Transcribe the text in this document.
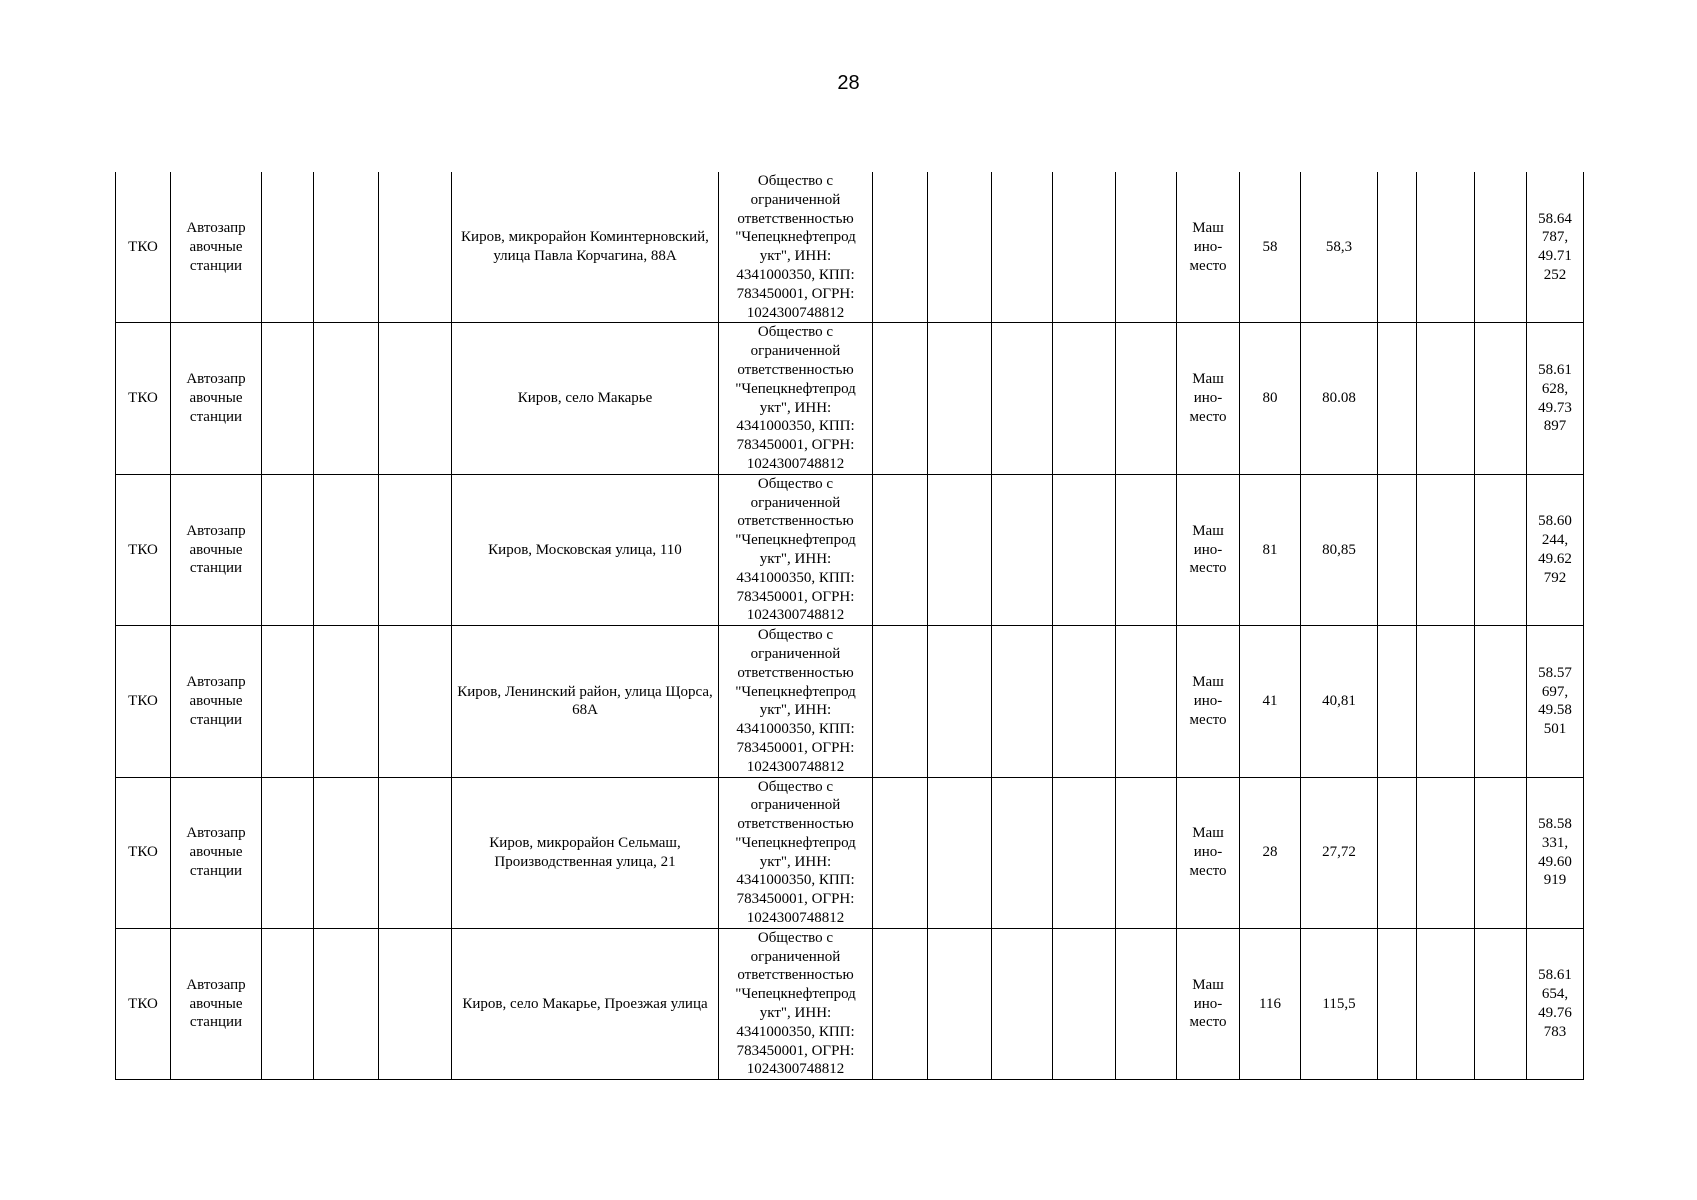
28
ТКО	Автозапр авочные станции				Киров, микрорайон Коминтерновский, улица Павла Корчагина, 88А	Общество с ограниченной ответственностью "Чепецкнефтепрод укт", ИНН: 4341000350, КПП: 783450001, ОГРН: 1024300748812						Маш ино-место	58	58,3				58.64 787, 49.71 252
ТКО	Автозапр авочные станции				Киров, село Макарье	Общество с ограниченной ответственностью "Чепецкнефтепрод укт", ИНН: 4341000350, КПП: 783450001, ОГРН: 1024300748812						Маш ино-место	80	80.08				58.61 628, 49.73 897
ТКО	Автозапр авочные станции				Киров, Московская улица, 110	Общество с ограниченной ответственностью "Чепецкнефтепрод укт", ИНН: 4341000350, КПП: 783450001, ОГРН: 1024300748812						Маш ино-место	81	80,85				58.60 244, 49.62 792
ТКО	Автозапр авочные станции				Киров, Ленинский район, улица Щорса, 68А	Общество с ограниченной ответственностью "Чепецкнефтепрод укт", ИНН: 4341000350, КПП: 783450001, ОГРН: 1024300748812						Маш ино-место	41	40,81				58.57 697, 49.58 501
ТКО	Автозапр авочные станции				Киров, микрорайон Сельмаш, Производственная улица, 21	Общество с ограниченной ответственностью "Чепецкнефтепрод укт", ИНН: 4341000350, КПП: 783450001, ОГРН: 1024300748812						Маш ино-место	28	27,72				58.58 331, 49.60 919
ТКО	Автозапр авочные станции				Киров, село Макарье, Проезжая улица	Общество с ограниченной ответственностью "Чепецкнефтепрод укт", ИНН: 4341000350, КПП: 783450001, ОГРН: 1024300748812						Маш ино-место	116	115,5				58.61 654, 49.76 783
